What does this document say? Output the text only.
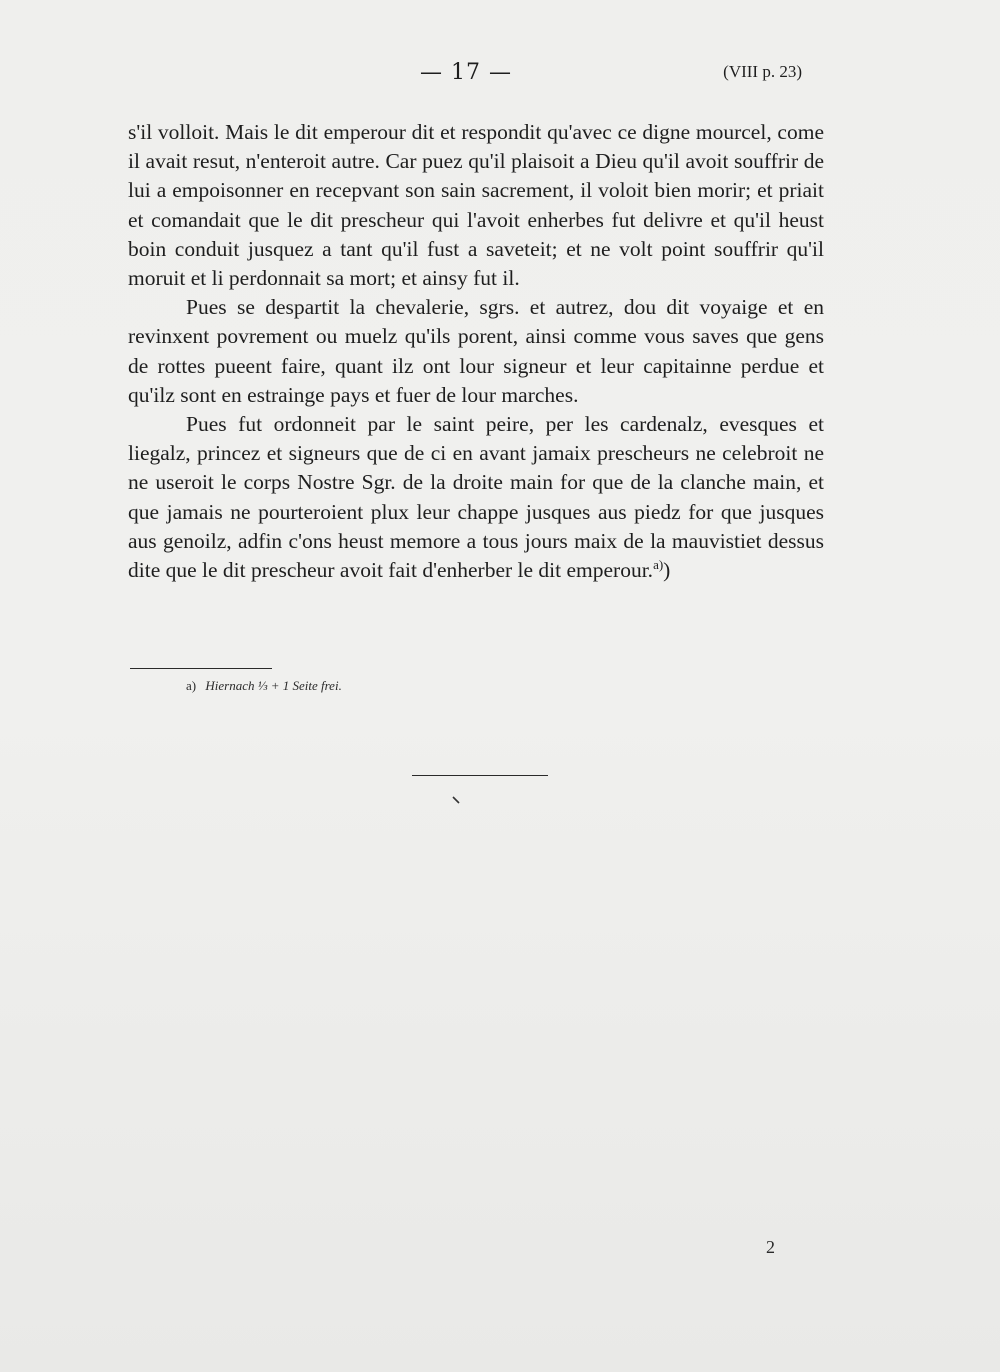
— 17 —	(VIII p. 23)

s'il volloit. Mais le dit emperour dit et respondit qu'avec ce digne mourcel, come il avait resut, n'enteroit autre. Car puez qu'il plaisoit a Dieu qu'il avoit souffrir de lui a empoisonner en recepvant son sain sacrement, il voloit bien morir; et priait et comandait que le dit prescheur qui l'avoit enherbes fut delivre et qu'il heust boin conduit jusquez a tant qu'il fust a saveteit; et ne volt point souffrir qu'il moruit et li perdonnait sa mort; et ainsy fut il.

Pues se despartit la chevalerie, sgrs. et autrez, dou dit voyaige et en revinxent povrement ou muelz qu'ils porent, ainsi comme vous saves que gens de rottes pueent faire, quant ilz ont lour signeur et leur capitainne perdue et qu'ilz sont en estrainge pays et fuer de lour marches.

Pues fut ordonneit par le saint peire, per les cardenalz, evesques et liegalz, princez et signeurs que de ci en avant jamaix prescheurs ne celebroit ne ne useroit le corps Nostre Sgr. de la droite main for que de la clanche main, et que jamais ne pourteroient plux leur chappe jusques aus piedz for que jusques aus genoilz, adfin c'ons heust memore a tous jours maix de la mauvistiet dessus dite que le dit prescheur avoit fait d'enherber le dit emperour.$^{a)}$)

a) Hiernach ⅓ + 1 Seite frei.
2
